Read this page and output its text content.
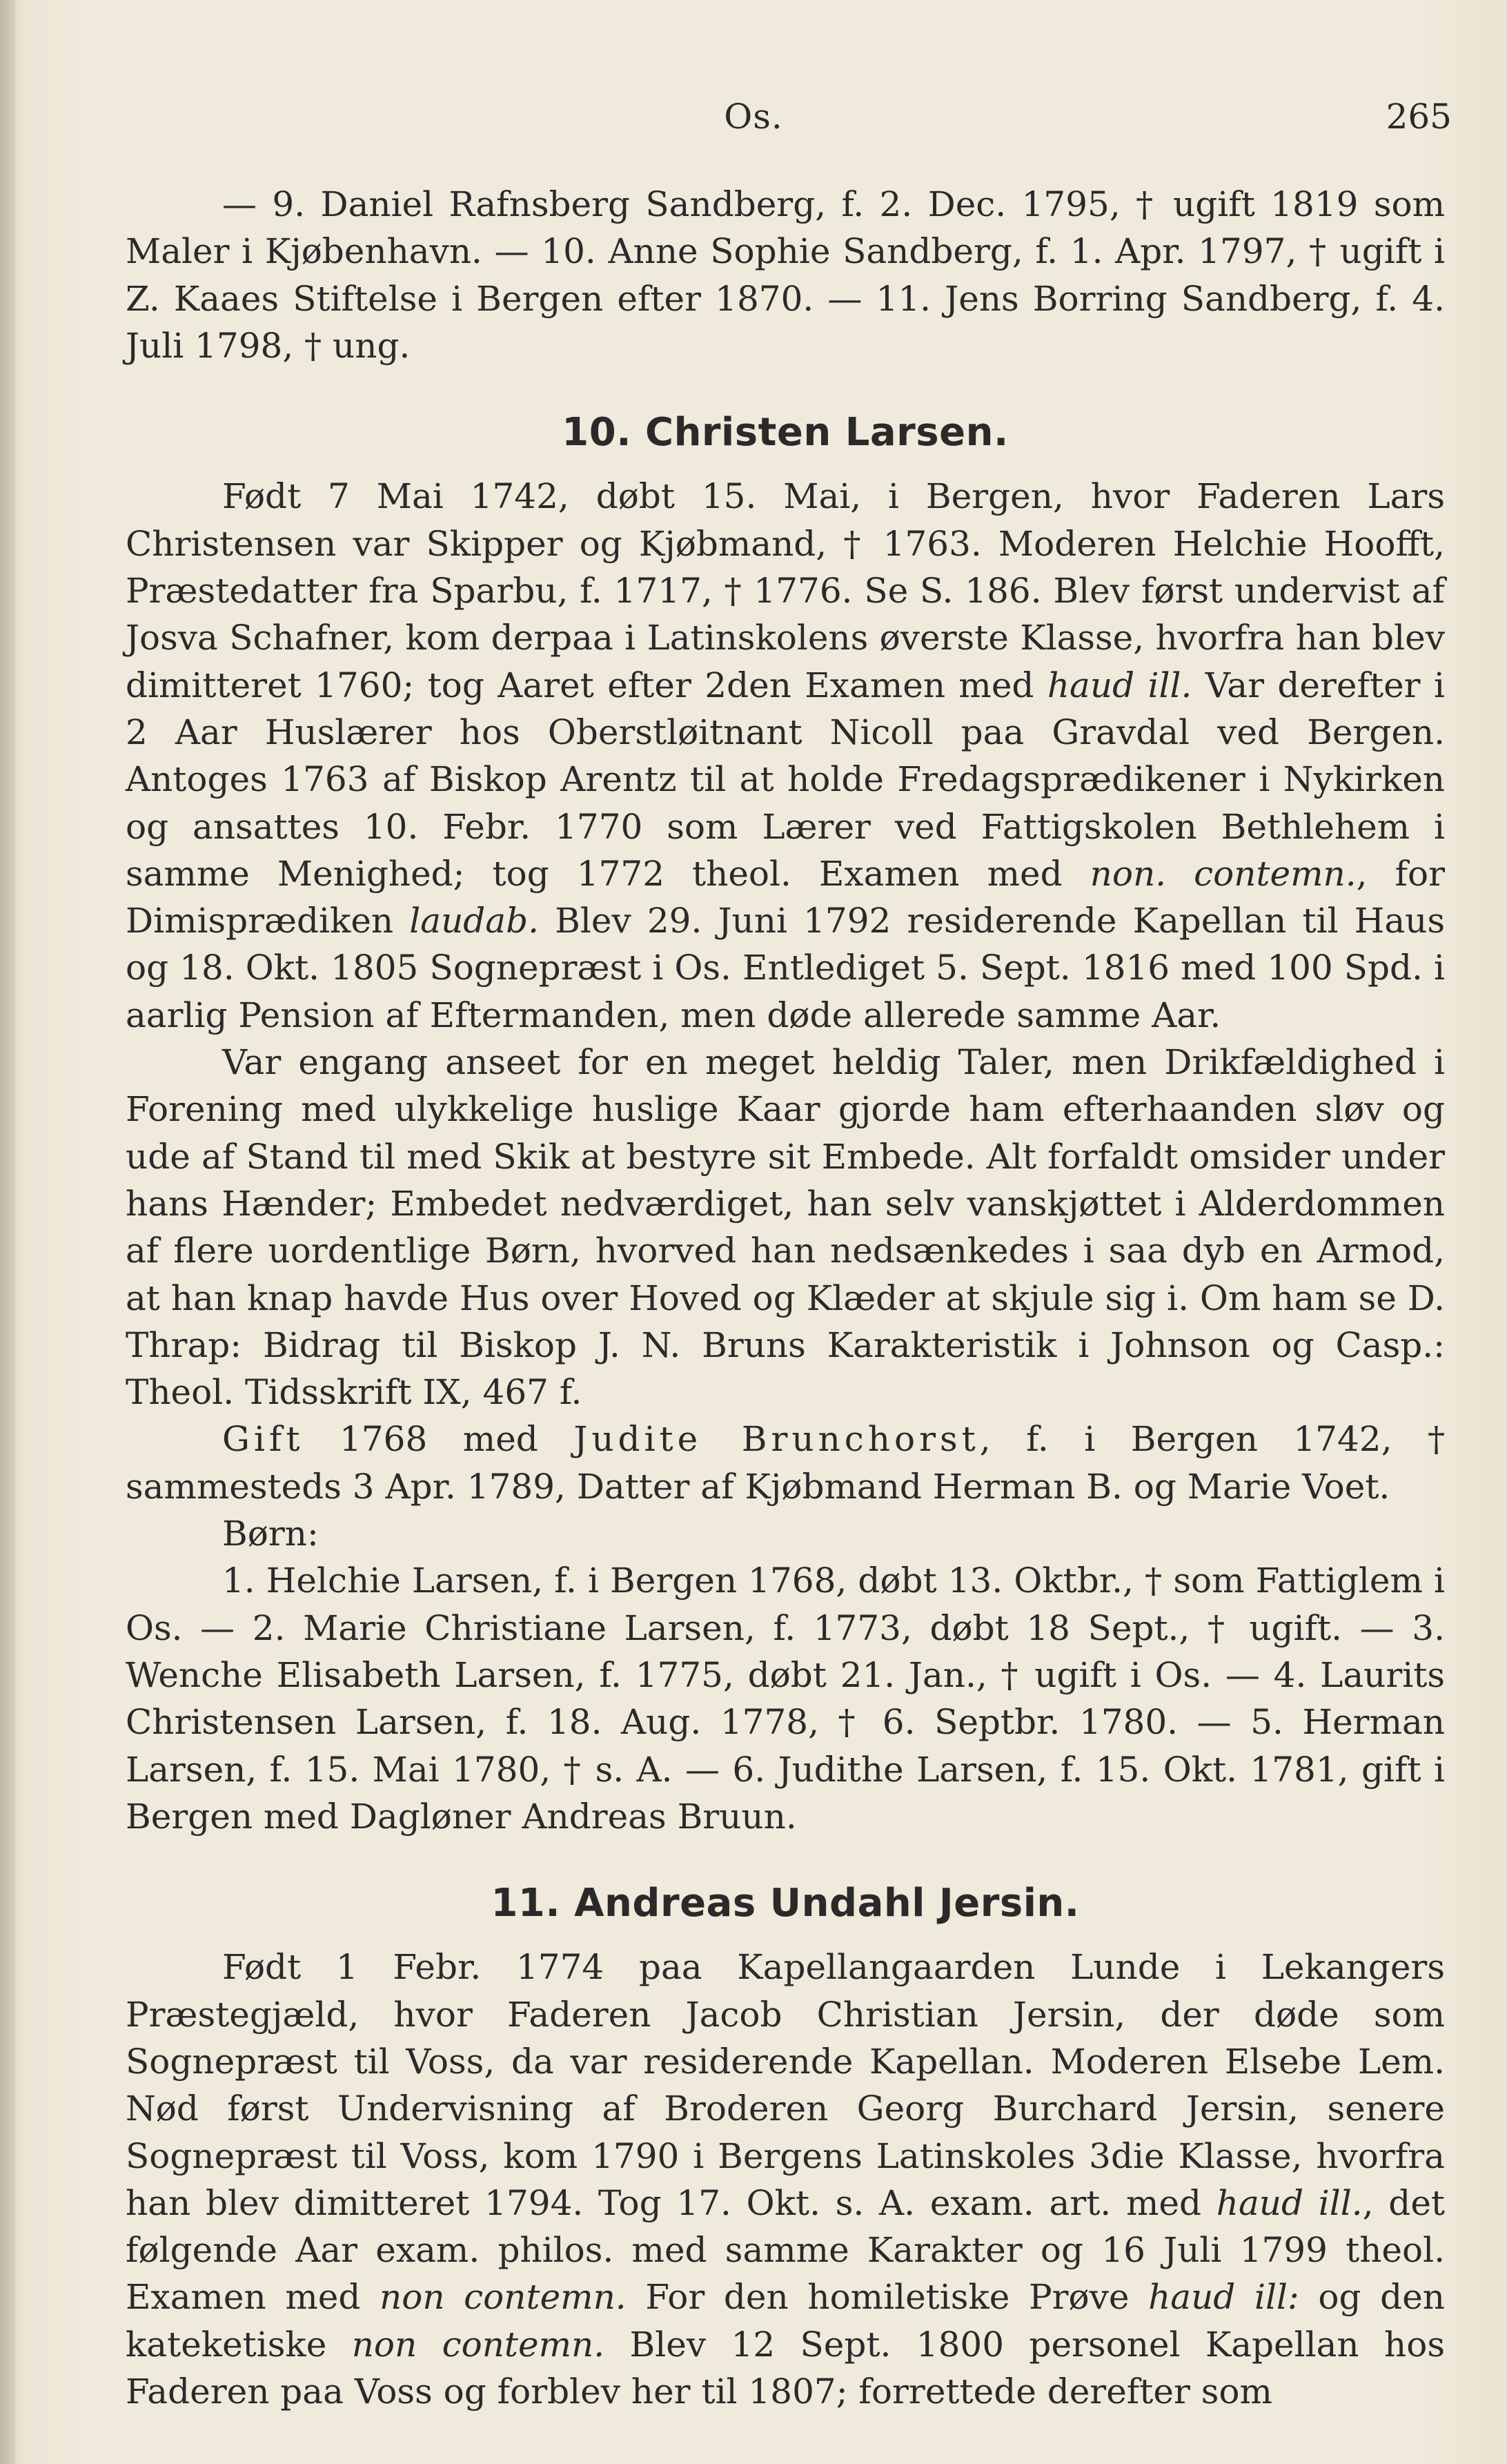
Os.	265

— 9. Daniel Rafnsberg Sandberg, f. 2. Dec. 1795, † ugift 1819 som Maler i Kjøbenhavn. — 10. Anne Sophie Sandberg, f. 1. Apr. 1797, † ugift i Z. Kaaes Stiftelse i Bergen efter 1870. — 11. Jens Borring Sandberg, f. 4. Juli 1798, † ung.

10. Christen Larsen.

Født 7 Mai 1742, døbt 15. Mai, i Bergen, hvor Faderen Lars Christensen var Skipper og Kjøbmand, † 1763. Moderen Helchie Hoofft, Præstedatter fra Sparbu, f. 1717, † 1776. Se S. 186. Blev først undervist af Josva Schafner, kom derpaa i Latinskolens øverste Klasse, hvorfra han blev dimitteret 1760; tog Aaret efter 2den Examen med haud ill. Var derefter i 2 Aar Huslærer hos Oberstløitnant Nicoll paa Gravdal ved Bergen. Antoges 1763 af Biskop Arentz til at holde Fredagsprædikener i Nykirken og ansattes 10. Febr. 1770 som Lærer ved Fattigskolen Bethlehem i samme Menighed; tog 1772 theol. Examen med non. contemn., for Dimisprædiken laudab. Blev 29. Juni 1792 residerende Kapellan til Haus og 18. Okt. 1805 Sognepræst i Os. Entlediget 5. Sept. 1816 med 100 Spd. i aarlig Pension af Eftermanden, men døde allerede samme Aar.

Var engang anseet for en meget heldig Taler, men Drikfældighed i Forening med ulykkelige huslige Kaar gjorde ham efterhaanden sløv og ude af Stand til med Skik at bestyre sit Embede. Alt forfaldt omsider under hans Hænder; Embedet nedværdiget, han selv vanskjøttet i Alderdommen af flere uordentlige Børn, hvorved han nedsænkedes i saa dyb en Armod, at han knap havde Hus over Hoved og Klæder at skjule sig i. Om ham se D. Thrap: Bidrag til Biskop J. N. Bruns Karakteristik i Johnson og Casp.: Theol. Tidsskrift IX, 467 f.

Gift 1768 med Judite Brunchorst, f. i Bergen 1742, † sammesteds 3 Apr. 1789, Datter af Kjøbmand Herman B. og Marie Voet.

Børn:

1. Helchie Larsen, f. i Bergen 1768, døbt 13. Oktbr., † som Fattiglem i Os. — 2. Marie Christiane Larsen, f. 1773, døbt 18 Sept., † ugift. — 3. Wenche Elisabeth Larsen, f. 1775, døbt 21. Jan., † ugift i Os. — 4. Laurits Christensen Larsen, f. 18. Aug. 1778, † 6. Septbr. 1780. — 5. Herman Larsen, f. 15. Mai 1780, † s. A. — 6. Judithe Larsen, f. 15. Okt. 1781, gift i Bergen med Dagløner Andreas Bruun.

11. Andreas Undahl Jersin.

Født 1 Febr. 1774 paa Kapellangaarden Lunde i Lekangers Præstegjæld, hvor Faderen Jacob Christian Jersin, der døde som Sognepræst til Voss, da var residerende Kapellan. Moderen Elsebe Lem. Nød først Undervisning af Broderen Georg Burchard Jersin, senere Sognepræst til Voss, kom 1790 i Bergens Latinskoles 3die Klasse, hvorfra han blev dimitteret 1794. Tog 17. Okt. s. A. exam. art. med haud ill., det følgende Aar exam. philos. med samme Karakter og 16 Juli 1799 theol. Examen med non contemn. For den homiletiske Prøve haud ill: og den kateketiske non contemn. Blev 12 Sept. 1800 personel Kapellan hos Faderen paa Voss og forblev her til 1807; forrettede derefter som
